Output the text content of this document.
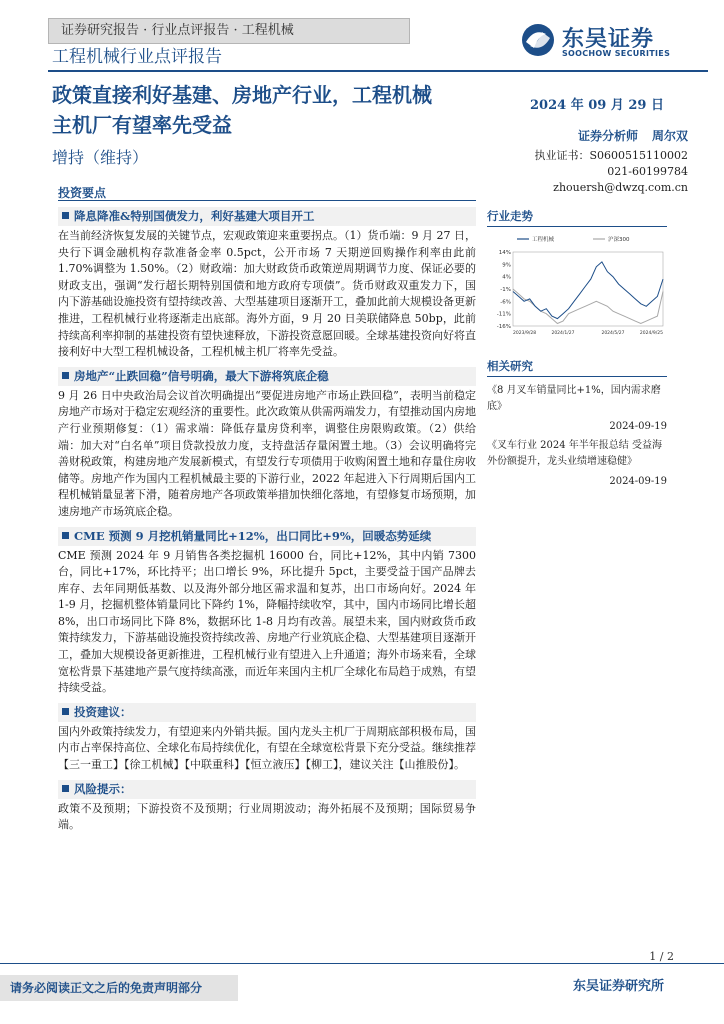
证券研究报告 · 行业点评报告 · 工程机械	东吴证券
SOOCHOW SECURITIES
工程机械行业点评报告
政策直接利好基建、房地产行业，工程机械
主机厂有望率先受益
增持（维持）
2024 年 09 月 29 日
证券分析师 周尔双
执业证书：S0600515110002
021-60199784
zhouersh@dwzq.com.cn
投资要点
降息降准&特别国债发力，利好基建大项目开工
在当前经济恢复发展的关键节点，宏观政策迎来重要拐点。（1）货币端：9 月 27 日，央行下调金融机构存款准备金率 0.5pct，公开市场 7 天期逆回购操作利率由此前 1.70%调整为 1.50%。（2）财政端：加大财政货币政策逆周期调节力度、保证必要的财政支出，强调“发行超长期特别国债和地方政府专项债”。货币财政双重发力下，国内下游基础设施投资有望持续改善、大型基建项目逐渐开工，叠加此前大规模设备更新推进，工程机械行业将逐渐走出底部。海外方面，9 月 20 日美联储降息 50bp，此前持续高利率抑制的基建投资有望快速释放，下游投资意愿回暖。全球基建投资向好将直接利好中大型工程机械设备，工程机械主机厂将率先受益。
房地产“止跌回稳”信号明确，最大下游将筑底企稳
9 月 26 日中央政治局会议首次明确提出“要促进房地产市场止跌回稳”，表明当前稳定房地产市场对于稳定宏观经济的重要性。此次政策从供需两端发力，有望推动国内房地产行业预期修复：（1）需求端：降低存量房贷利率，调整住房限购政策。（2）供给端：加大对“白名单”项目贷款投放力度，支持盘活存量闲置土地。（3）会议明确将完善财税政策，构建房地产发展新模式，有望发行专项债用于收购闲置土地和存量住房收储等。房地产作为国内工程机械最主要的下游行业，2022 年起进入下行周期后国内工程机械销量显著下滑，随着房地产各项政策举措加快细化落地，有望修复市场预期，加速房地产市场筑底企稳。
CME 预测 9 月挖机销量同比+12%，出口同比+9%，回暖态势延续
CME 预测 2024 年 9 月销售各类挖掘机 16000 台，同比+12%，其中内销 7300 台，同比+17%，环比持平；出口增长 9%，环比提升 5pct，主要受益于国产品牌去库存、去年同期低基数、以及海外部分地区需求温和复苏，出口市场向好。2024 年 1-9 月，挖掘机整体销量同比下降约 1%，降幅持续收窄，其中，国内市场同比增长超 8%，出口市场同比下降 8%，数据环比 1-8 月均有改善。展望未来，国内财政货币政策持续发力，下游基础设施投资持续改善、房地产行业筑底企稳、大型基建项目逐渐开工，叠加大规模设备更新推进，工程机械行业有望进入上升通道；海外市场来看，全球宽松背景下基建地产景气度持续高涨，而近年来国内主机厂全球化布局趋于成熟，有望持续受益。
投资建议：
国内外政策持续发力，有望迎来内外销共振。国内龙头主机厂于周期底部积极布局，国内市占率保持高位、全球化布局持续优化，有望在全球宽松背景下充分受益。继续推荐【三一重工】【徐工机械】【中联重科】【恒立液压】【柳工】，建议关注【山推股份】。
风险提示：
政策不及预期；下游投资不及预期；行业周期波动；海外拓展不及预期；国际贸易争端。
行业走势
14%
9%
4%
-1%
-6%
-11%
-16%
2023/9/28	2024/1/27	2024/5/27	2024/9/25
工程机械	沪深300
相关研究
《8 月叉车销量同比+1%，国内需求磨底》
2024-09-19
《叉车行业 2024 年半年报总结 受益海外份额提升，龙头业绩增速稳健》
2024-09-19
1 / 2
请务必阅读正文之后的免责声明部分	东吴证券研究所
